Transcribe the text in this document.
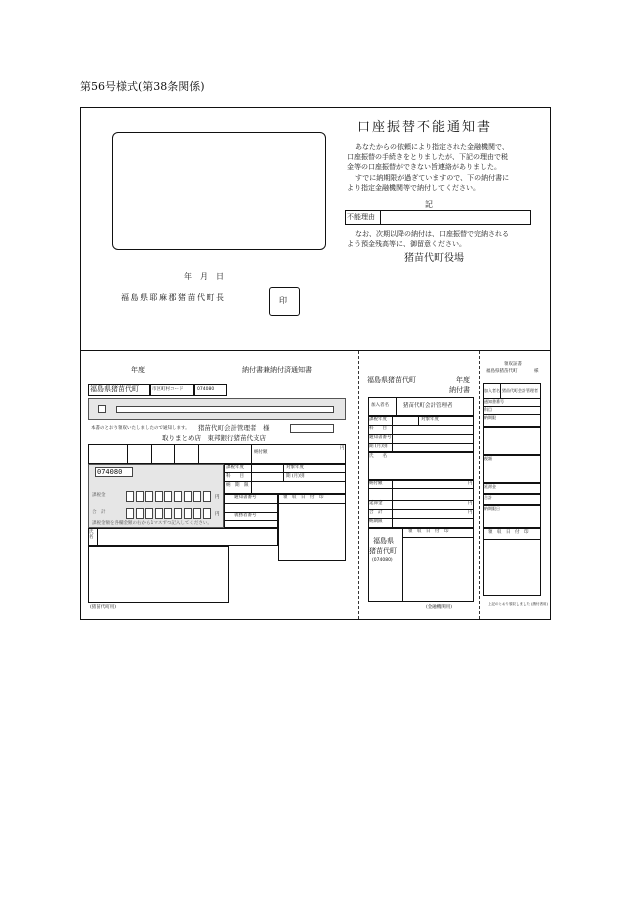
第56号様式(第38条関係)
口座振替不能通知書
あなたからの依頼により指定された金融機関で、
口座振替の手続きをとりましたが、下記の理由で税
金等の口座振替ができない旨連絡がありました。
すでに納期限が過ぎていますので、下の納付書に
より指定金融機関等で納付してください。
記
不能理由
なお、次期以降の納付は、口座振替で完納される
よう預金残高等に、御留意ください。
猪苗代町役場
年　月　日
福島県耶麻郡猪苗代町長	印
年度	納付書兼納付済通知書
福島県猪苗代町	市区町村コード	074080
本書のとおり領収いたしましたので通知します。 猪苗代町会計管理者　様
取りまとめ店　東邦銀行猪苗代支店
納付額
円
074080
課税金
合　計
円
円
課税金額を各欄金額の右から1マスずつ記入してください。
課税年度	対象年度
科　　目	期 (月)別
納　期　限
通知書番号
義務者番号
領　収　日　付　印
氏名
(猪苗代町用)
福島県猪苗代町	年度
納付書
加入者名	猪苗代町会計管理者
課税年度	対象年度
科　　目
通知書番号
期 (月)別
氏　　名
納付額	円
延滞金	円
合　計	円
納期限
領　収　日　付　印
福島県
猪苗代町
(074080)
(金融機関用)
領収証書
福島県猪苗代町	様
加入者名 猪苗代町会計管理者
通知書番号
科目
納期限
税額
延滞金
合計
納期限日
領　収　日　付　印
上記のとおり領収しました (納付者用)
